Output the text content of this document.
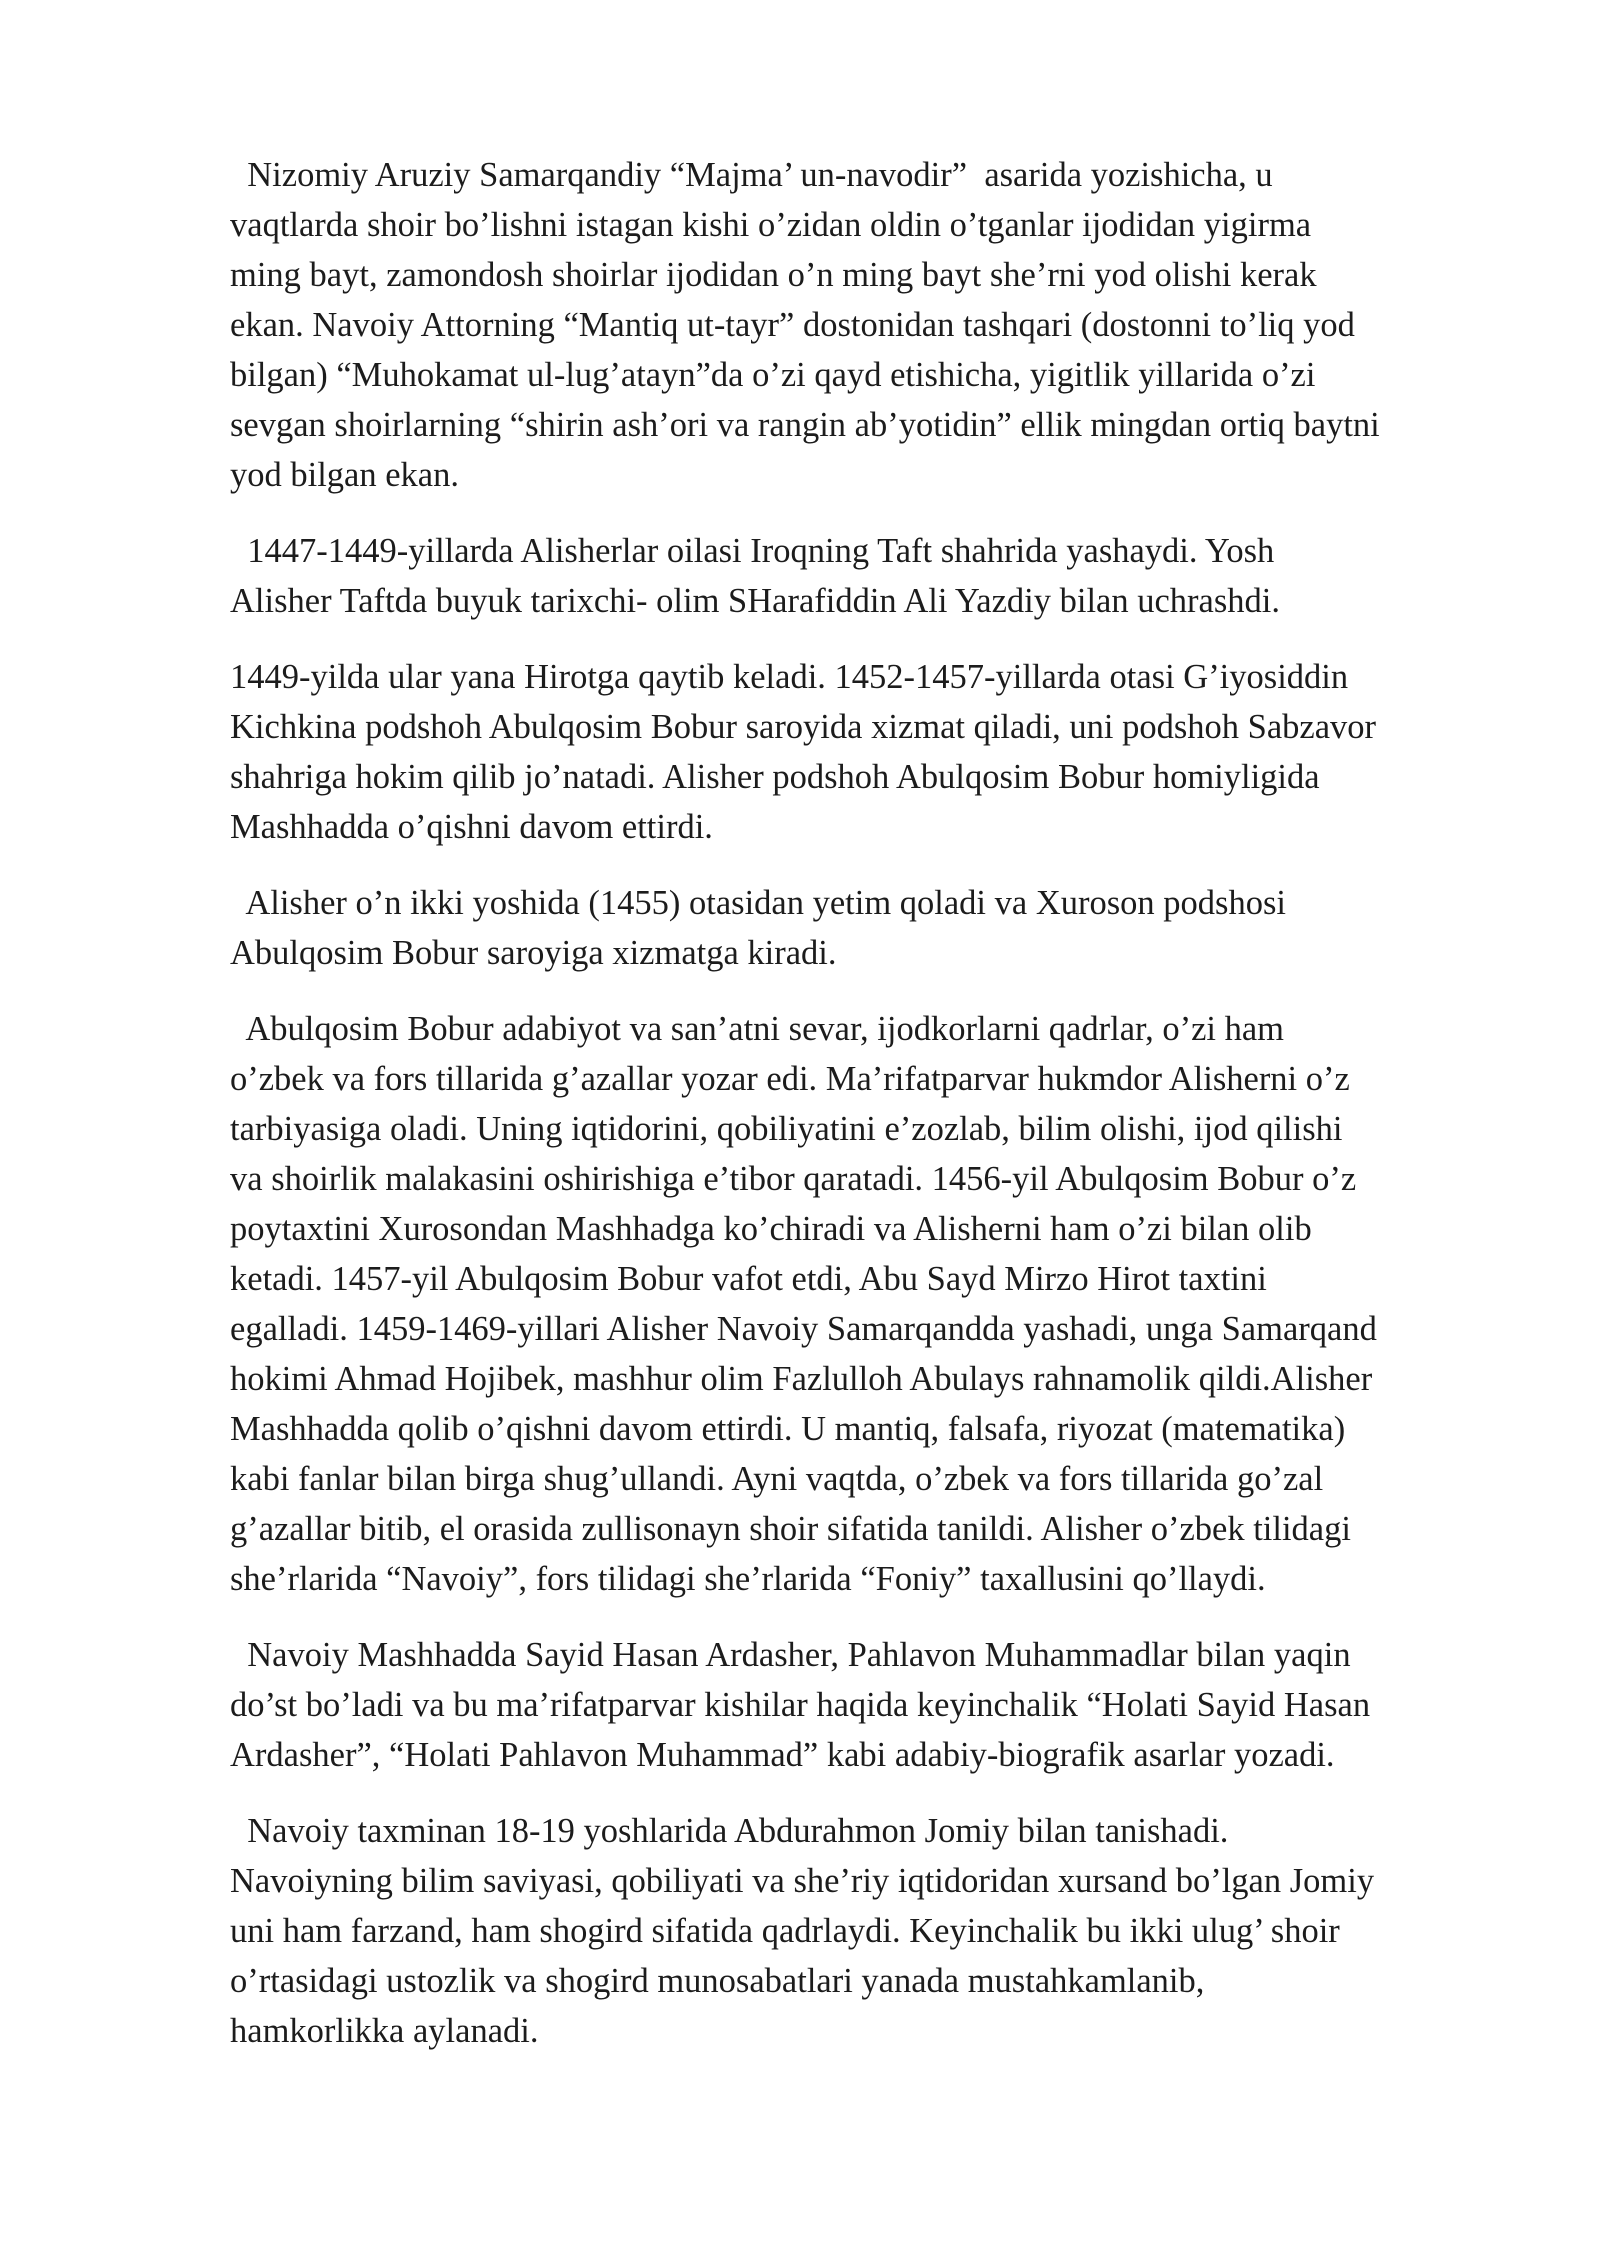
Nizomiy Aruziy Samarqandiy “Majma’ un-navodir”  asarida yozishicha, u
vaqtlarda shoir bo’lishni istagan kishi o’zidan oldin o’tganlar ijodidan yigirma
ming bayt, zamondosh shoirlar ijodidan o’n ming bayt she’rni yod olishi kerak
ekan. Navoiy Attorning “Mantiq ut-tayr” dostonidan tashqari (dostonni to’liq yod
bilgan) “Muhokamat ul-lug’atayn”da o’zi qayd etishicha, yigitlik yillarida o’zi
sevgan shoirlarning “shirin ash’ori va rangin ab’yotidin” ellik mingdan ortiq baytni
yod bilgan ekan.

1447-1449-yillarda Alisherlar oilasi Iroqning Taft shahrida yashaydi. Yosh
Alisher Taftda buyuk tarixchi- olim SHarafiddin Ali Yazdiy bilan uchrashdi.

1449-yilda ular yana Hirotga qaytib keladi. 1452-1457-yillarda otasi G’iyosiddin
Kichkina podshoh Abulqosim Bobur saroyida xizmat qiladi, uni podshoh Sabzavor
shahriga hokim qilib jo’natadi. Alisher podshoh Abulqosim Bobur homiyligida
Mashhadda o’qishni davom ettirdi.

Alisher o’n ikki yoshida (1455) otasidan yetim qoladi va Xuroson podshosi
Abulqosim Bobur saroyiga xizmatga kiradi.

Abulqosim Bobur adabiyot va san’atni sevar, ijodkorlarni qadrlar, o’zi ham
o’zbek va fors tillarida g’azallar yozar edi. Ma’rifatparvar hukmdor Alisherni o’z
tarbiyasiga oladi. Uning iqtidorini, qobiliyatini e’zozlab, bilim olishi, ijod qilishi
va shoirlik malakasini oshirishiga e’tibor qaratadi. 1456-yil Abulqosim Bobur o’z
poytaxtini Xurosondan Mashhadga ko’chiradi va Alisherni ham o’zi bilan olib
ketadi. 1457-yil Abulqosim Bobur vafot etdi, Abu Sayd Mirzo Hirot taxtini
egalladi. 1459-1469-yillari Alisher Navoiy Samarqandda yashadi, unga Samarqand
hokimi Ahmad Hojibek, mashhur olim Fazlulloh Abulays rahnamolik qildi.Alisher
Mashhadda qolib o’qishni davom ettirdi. U mantiq, falsafa, riyozat (matematika)
kabi fanlar bilan birga shug’ullandi. Ayni vaqtda, o’zbek va fors tillarida go’zal
g’azallar bitib, el orasida zullisonayn shoir sifatida tanildi. Alisher o’zbek tilidagi
she’rlarida “Navoiy”, fors tilidagi she’rlarida “Foniy” taxallusini qo’llaydi.

Navoiy Mashhadda Sayid Hasan Ardasher, Pahlavon Muhammadlar bilan yaqin
do’st bo’ladi va bu ma’rifatparvar kishilar haqida keyinchalik “Holati Sayid Hasan
Ardasher”, “Holati Pahlavon Muhammad” kabi adabiy-biografik asarlar yozadi.

Navoiy taxminan 18-19 yoshlarida Abdurahmon Jomiy bilan tanishadi.
Navoiyning bilim saviyasi, qobiliyati va she’riy iqtidoridan xursand bo’lgan Jomiy
uni ham farzand, ham shogird sifatida qadrlaydi. Keyinchalik bu ikki ulug’ shoir
o’rtasidagi ustozlik va shogird munosabatlari yanada mustahkamlanib,
hamkorlikka aylanadi.
